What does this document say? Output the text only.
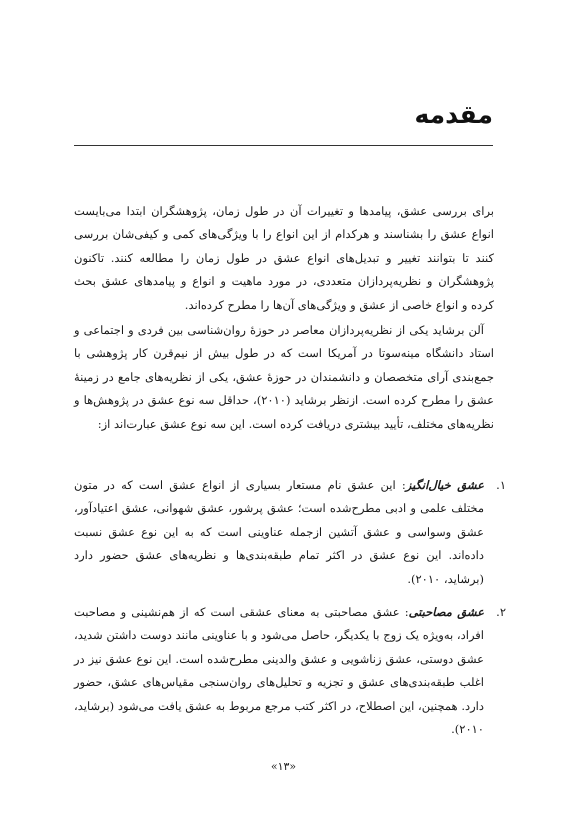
مقدمه

برای بررسی عشق، پیامدها و تغییرات آن در طول زمان، پژوهشگران ابتدا می‌بایست انواع عشق را بشناسند و هرکدام از این انواع را با ویژگی‌های کمی و کیفی‌شان بررسی کنند تا بتوانند تغییر و تبدیل‌های انواع عشق در طول زمان را مطالعه کنند. تاکنون پژوهشگران و نظریه‌پردازان متعددی، در مورد ماهیت و انواع و پیامدهای عشق بحث کرده و انواع خاصی از عشق و ویژگی‌های آن‌ها را مطرح کرده‌اند.

آلن برشاید یکی از نظریه‌پردازان معاصر در حوزهٔ روان‌شناسی بین فردی و اجتماعی و استاد دانشگاه مینه‌سوتا در آمریکا است که در طول بیش از نیم‌قرن کار پژوهشی با جمع‌بندی آرای متخصصان و دانشمندان در حوزهٔ عشق، یکی از نظریه‌های جامع در زمینهٔ عشق را مطرح کرده است. ازنظر برشاید (۲۰۱۰)، حداقل سه نوع عشق در پژوهش‌ها و نظریه‌های مختلف، تأیید بیشتری دریافت کرده است. این سه نوع عشق عبارت‌اند از:

۱.
عشق خیال‌انگیز: این عشق نام مستعار بسیاری از انواع عشق است که در متون مختلف علمی و ادبی مطرح‌شده است؛ عشق پرشور، عشق شهوانی، عشق اعتیادآور، عشق وسواسی و عشق آتشین ازجمله عناوینی است که به این نوع عشق نسبت داده‌اند. این نوع عشق در اکثر تمام طبقه‌بندی‌ها و نظریه‌های عشق حضور دارد (برشاید، ۲۰۱۰).
۲.
عشق مصاحبتی: عشق مصاحبتی به معنای عشقی است که از هم‌نشینی و مصاحبت افراد، به‌ویژه یک زوج با یکدیگر، حاصل می‌شود و با عناوینی مانند دوست داشتن شدید، عشق دوستی، عشق زناشویی و عشق والدینی مطرح‌شده است. این نوع عشق نیز در اغلب طبقه‌بندی‌های عشق و تجزیه و تحلیل‌های روان‌سنجی مقیاس‌های عشق، حضور دارد. همچنین، این اصطلاح، در اکثر کتب مرجع مربوط به عشق یافت می‌شود (برشاید، ۲۰۱۰).
«۱۳»
